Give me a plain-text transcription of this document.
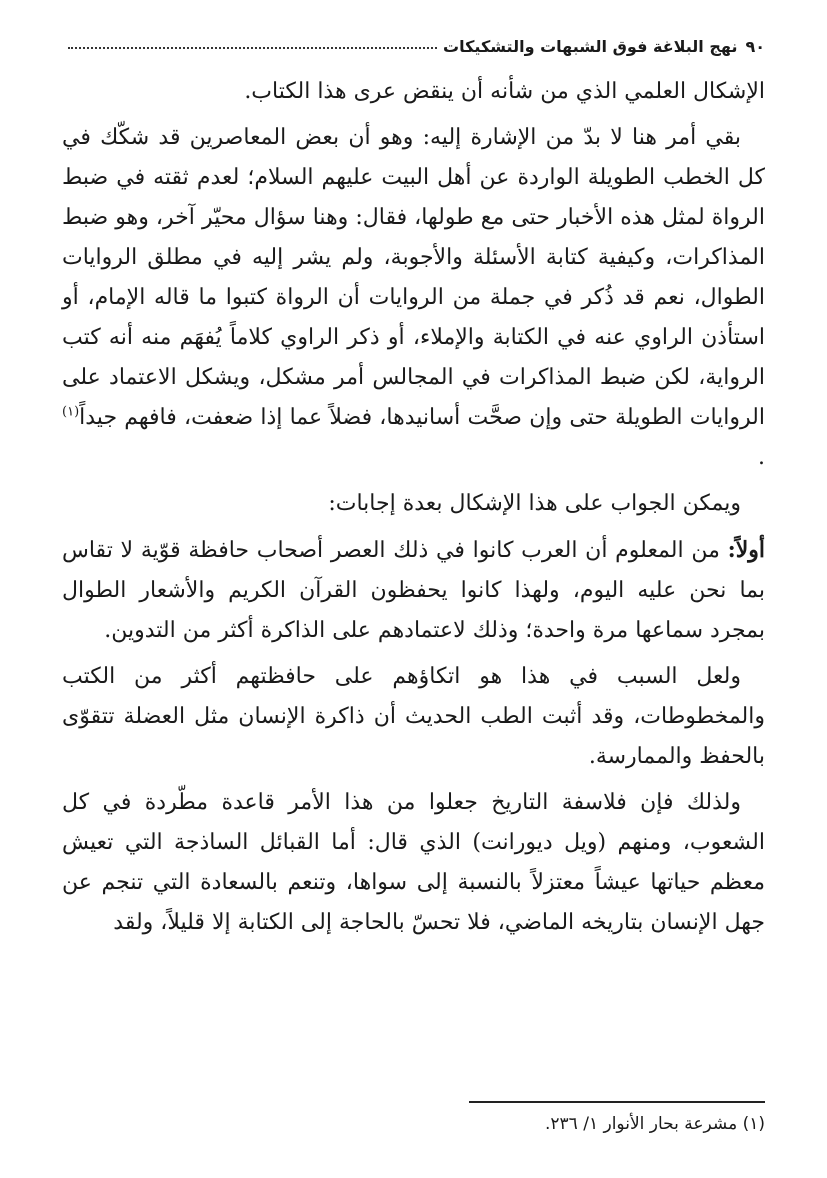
٩٠
نهج البلاغة فوق الشبهات والتشكيكات

الإشكال العلمي الذي من شأنه أن ينقض عرى هذا الكتاب.

بقي أمر هنا لا بدّ من الإشارة إليه: وهو أن بعض المعاصرين قد شكّك في كل الخطب الطويلة الواردة عن أهل البيت عليهم السلام؛ لعدم ثقته في ضبط الرواة لمثل هذه الأخبار حتى مع طولها، فقال: وهنا سؤال محيّر آخر، وهو ضبط المذاكرات، وكيفية كتابة الأسئلة والأجوبة، ولم يشر إليه في مطلق الروايات الطوال، نعم قد ذُكر في جملة من الروايات أن الرواة كتبوا ما قاله الإمام، أو استأذن الراوي عنه في الكتابة والإملاء، أو ذكر الراوي كلاماً يُفهَم منه أنه كتب الرواية، لكن ضبط المذاكرات في المجالس أمر مشكل، ويشكل الاعتماد على الروايات الطويلة حتى وإن صحَّت أسانيدها، فضلاً عما إذا ضعفت، فافهم جيداً$^{(١)}$ .

ويمكن الجواب على هذا الإشكال بعدة إجابات:

أولاً: من المعلوم أن العرب كانوا في ذلك العصر أصحاب حافظة قوّية لا تقاس بما نحن عليه اليوم، ولهذا كانوا يحفظون القرآن الكريم والأشعار الطوال بمجرد سماعها مرة واحدة؛ وذلك لاعتمادهم على الذاكرة أكثر من التدوين.

ولعل السبب في هذا هو اتكاؤهم على حافظتهم أكثر من الكتب والمخطوطات، وقد أثبت الطب الحديث أن ذاكرة الإنسان مثل العضلة تتقوّى بالحفظ والممارسة.

ولذلك فإن فلاسفة التاريخ جعلوا من هذا الأمر قاعدة مطّردة في كل الشعوب، ومنهم (ويل ديورانت) الذي قال: أما القبائل الساذجة التي تعيش معظم حياتها عيشاً معتزلاً بالنسبة إلى سواها، وتنعم بالسعادة التي تنجم عن جهل الإنسان بتاريخه الماضي، فلا تحسّ بالحاجة إلى الكتابة إلا قليلاً، ولقد

(١) مشرعة بحار الأنوار ١/ ٢٣٦.
